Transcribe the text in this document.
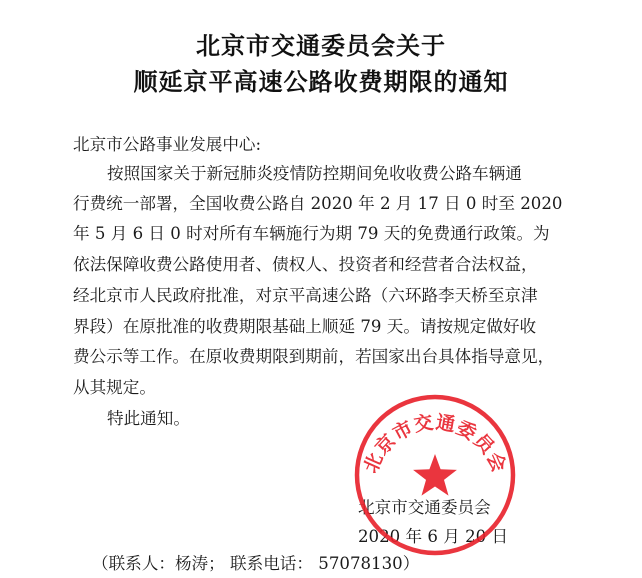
北京市交通委员会关于
顺延京平高速公路收费期限的通知
北京市公路事业发展中心:
按照国家关于新冠肺炎疫情防控期间免收收费公路车辆通
行费统一部署，全国收费公路自 2020 年 2 月 17 日 0 时至 2020
年 5 月 6 日 0 时对所有车辆施行为期 79 天的免费通行政策。为
依法保障收费公路使用者、债权人、投资者和经营者合法权益，
经北京市人民政府批准，对京平高速公路（六环路李天桥至京津
界段）在原批准的收费期限基础上顺延 79 天。请按规定做好收
费公示等工作。在原收费期限到期前，若国家出台具体指导意见，
从其规定。
特此通知。
北京市交通委员会
2020 年 6 月 20 日
（联系人：杨涛； 联系电话： 57078130）
北京市交通委员会
